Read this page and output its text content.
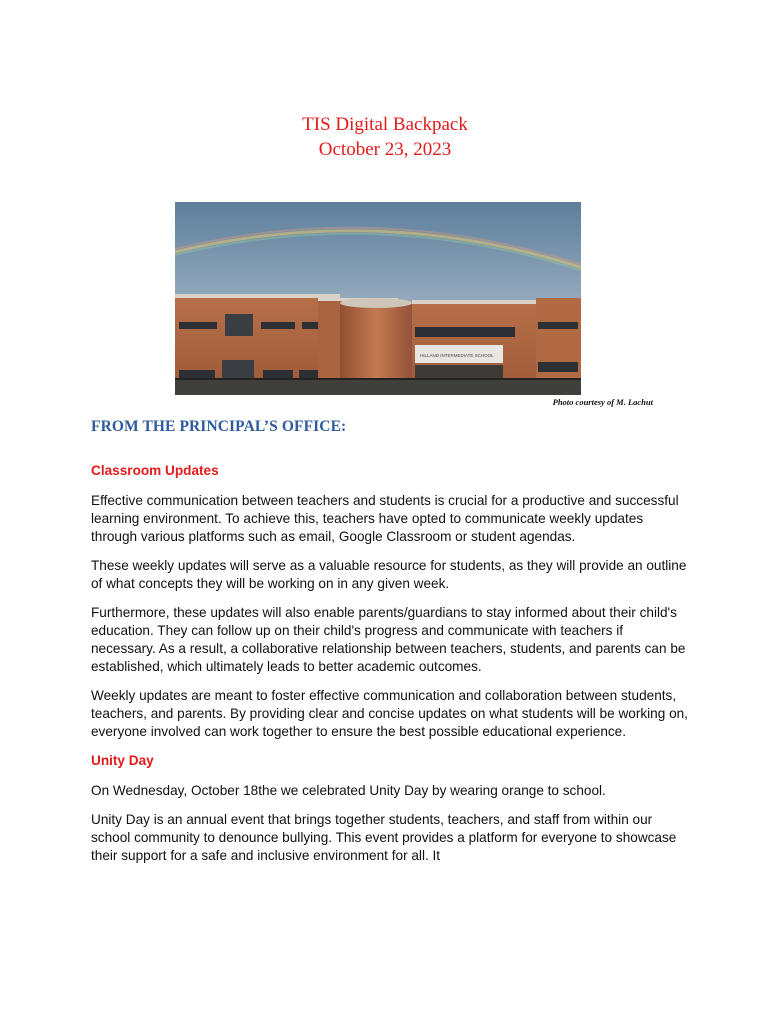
TIS Digital Backpack
October 23, 2023
HILLAND INTERMEDIATE SCHOOL
Photo courtesy of M. Lachut
FROM THE PRINCIPAL’S OFFICE:
Classroom Updates

Effective communication between teachers and students is crucial for a productive and successful learning environment. To achieve this, teachers have opted to communicate weekly updates through various platforms such as email, Google Classroom or student agendas.

These weekly updates will serve as a valuable resource for students, as they will provide an outline of what concepts they will be working on in any given week.

Furthermore, these updates will also enable parents/guardians to stay informed about their child's education. They can follow up on their child's progress and communicate with teachers if necessary. As a result, a collaborative relationship between teachers, students, and parents can be established, which ultimately leads to better academic outcomes.

Weekly updates are meant to foster effective communication and collaboration between students, teachers, and parents. By providing clear and concise updates on what students will be working on, everyone involved can work together to ensure the best possible educational experience.

Unity Day

On Wednesday, October 18the we celebrated Unity Day by wearing orange to school.

Unity Day is an annual event that brings together students, teachers, and staff from within our school community to denounce bullying. This event provides a platform for everyone to showcase their support for a safe and inclusive environment for all. It
